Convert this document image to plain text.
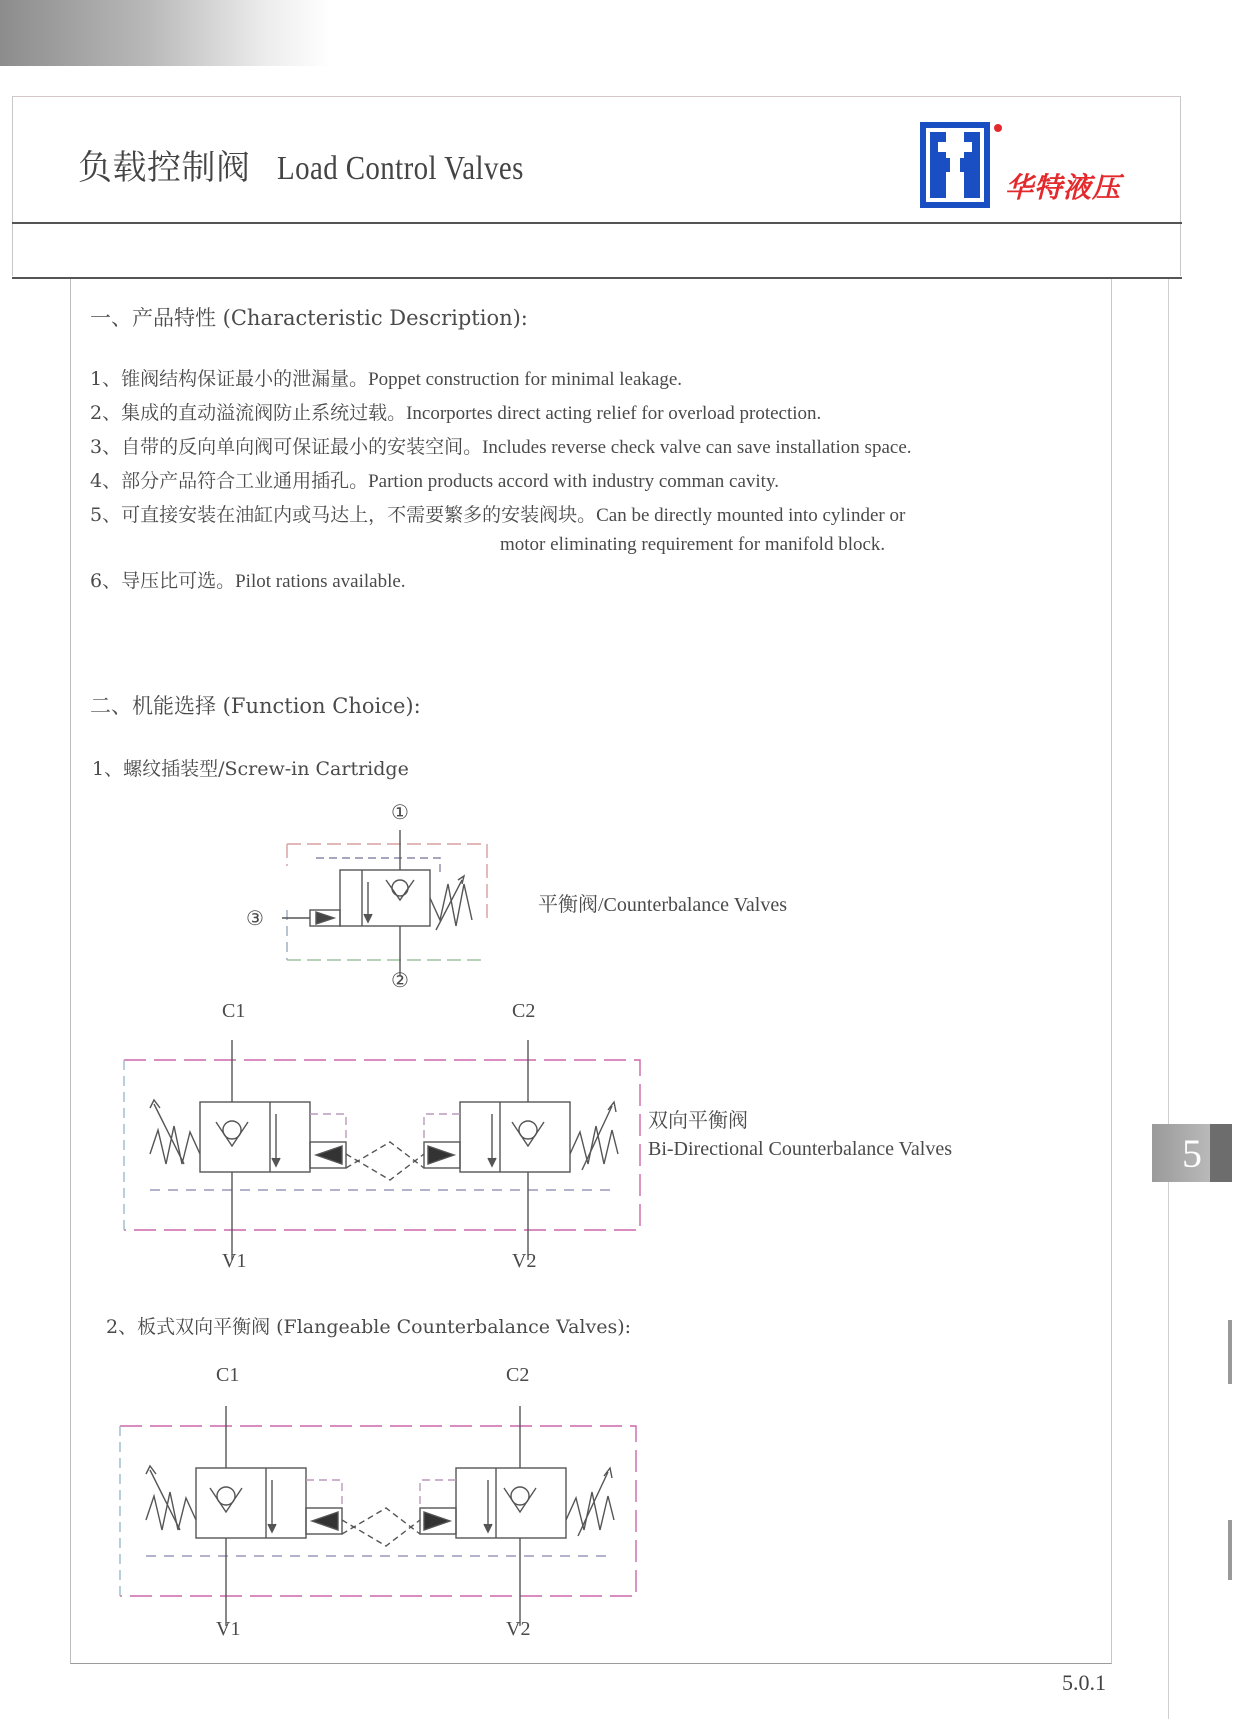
负载控制阀 Load Control Valves
华特液压
一、产品特性 (Characteristic Description):
1、锥阀结构保证最小的泄漏量。Poppet construction for minimal leakage.
2、集成的直动溢流阀防止系统过载。Incorportes direct acting relief for overload protection.
3、自带的反向单向阀可保证最小的安装空间。Includes reverse check valve can save installation space.
4、部分产品符合工业通用插孔。Partion products accord with industry comman cavity.
5、可直接安装在油缸内或马达上，不需要繁多的安装阀块。Can be directly mounted into cylinder or
motor eliminating requirement for manifold block.
6、导压比可选。Pilot rations available.
二、机能选择 (Function Choice):
1、螺纹插装型/Screw-in Cartridge
①
②
③
平衡阀/Counterbalance Valves
C1	C2
V1	V2
双向平衡阀
Bi-Directional Counterbalance Valves
2、板式双向平衡阀 (Flangeable Counterbalance Valves):
C1	C2
V1	V2
5
5.0.1
